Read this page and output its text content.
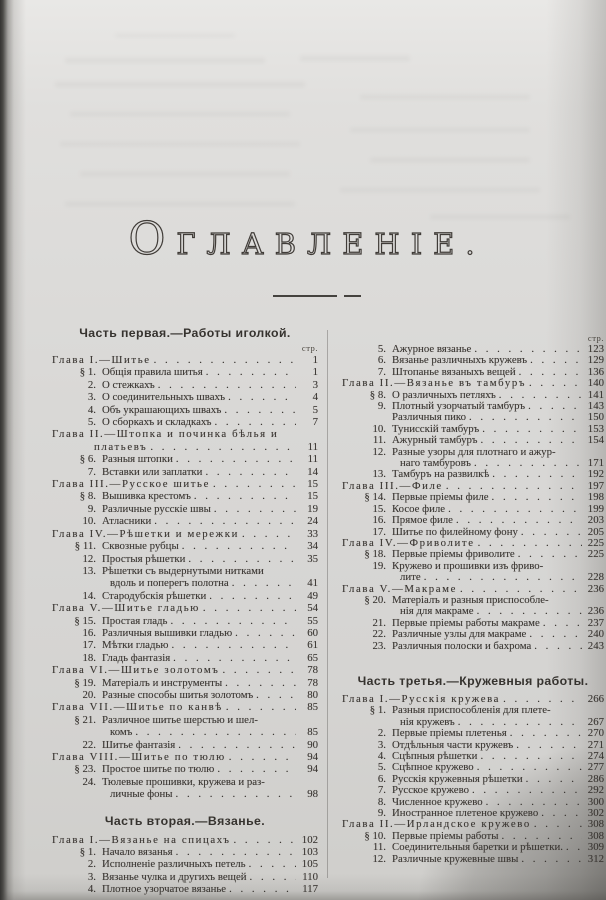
ОГЛАВЛЕНІЕ.
Часть первая.—Работы иголкой.
стр.
Глава I.—Шитье . .	1
§ 1. Общія правила шитья . .	1
2. О стежкахъ . .	3
3. О соединительныхъ швахъ . .	4
4. Объ украшающихъ швахъ . .	5
5. О сборкахъ и складкахъ . .	7
Глава II.—Штопка и починка бѣлья и
платьевъ . .	11
§ 6. Разныя штопки . .	11
7. Вставки или заплатки . .	14
Глава III.—Русское шитье . .	15
§ 8. Вышивка крестомъ . .	15
9. Различные русскіе швы . .	19
10. Атласники . .	24
Глава IV.—Рѣшетки и мережки . .	33
§ 11. Сквозные рубцы . .	34
12. Простыя рѣшетки . .	35
13. Рѣшетки съ выдернутыми нитками
вдоль и поперегъ полотна . .	41
14. Стародубскія рѣшетки . .	49
Глава V.—Шитье гладью . .	54
§ 15. Простая гладь . .	55
16. Различныя вышивки гладью . .	60
17. Мѣтки гладью . .	61
18. Гладь фантазія . .	65
Глава VI.—Шитье золотомъ . .	78
§ 19. Матеріалъ и инструменты . .	78
20. Разные способы шитья золотомъ . .	80
Глава VII.—Шитье по канвѣ . .	85
§ 21. Различное шитье шерстью и шел-
комъ . .	85
22. Шитье фантазія . .	90
Глава VIII.—Шитье по тюлю . .	94
§ 23. Простое шитье по тюлю . .	94
24. Тюлевые прошивки, кружева и раз-
личные фоны . .	98
Часть вторая.—Вязанье.
Глава I.—Вязанье на спицахъ . .	102
§ 1. Начало вязанья . .	103
2. Исполненіе различныхъ петель . .	105
3. Вязанье чулка и другихъ вещей . .	110
4. Плотное узорчатое вязанье . .	117
стр.
5. Ажурное вязанье . .	123
6. Вязанье различныхъ кружевъ . .	129
7. Штопанье вязаныхъ вещей . .	136
Глава II.—Вязанье въ тамбуръ . .	140
§ 8. О различныхъ петляхъ . .	141
9. Плотный узорчатый тамбуръ . .	143
Различныя пико . .	150
10. Тунисскій тамбуръ . .	153
11. Ажурный тамбуръ . .	154
12. Разные узоры для плотнаго и ажур-
наго тамбуровъ . .	171
13. Тамбуръ на развилкѣ . .	192
Глава III.—Филе . .	197
§ 14. Первые пріемы филе . .	198
15. Косое филе . .	199
16. Прямое филе . .	203
17. Шитье по филейному фону . .	205
Глава IV.—Фриволите . .	225
§ 18. Первые пріемы фриволите . .	225
19. Кружево и прошивки изъ фриво-
лите . .	228
Глава V.—Макраме . .	236
§ 20. Матеріалъ и разныя приспособле-
нія для макраме . .	236
21. Первые пріемы работы макраме . .	237
22. Различные узлы для макраме . .	240
23. Различныя полоски и бахрома . .	243
Часть третья.—Кружевныя работы.
Глава I.—Русскія кружева . .	266
§ 1. Разныя приспособленія для плете-
нія кружевъ . .	267
2. Первые пріемы плетенья . .	270
3. Отдѣльныя части кружевъ . .	271
4. Сцѣпныя рѣшетки . .	274
5. Сцѣпное кружево . .	277
6. Русскія кружевныя рѣшетки . .	286
7. Русское кружево . .	292
8. Численное кружево . .	300
9. Иностранное плетеное кружево . .	302
Глава II.—Ирландское кружево . .	308
§ 10. Первые пріемы работы . .	308
11. Соединительныя баретки и рѣшетки. . .	309
12. Различные кружевные швы . .	312
